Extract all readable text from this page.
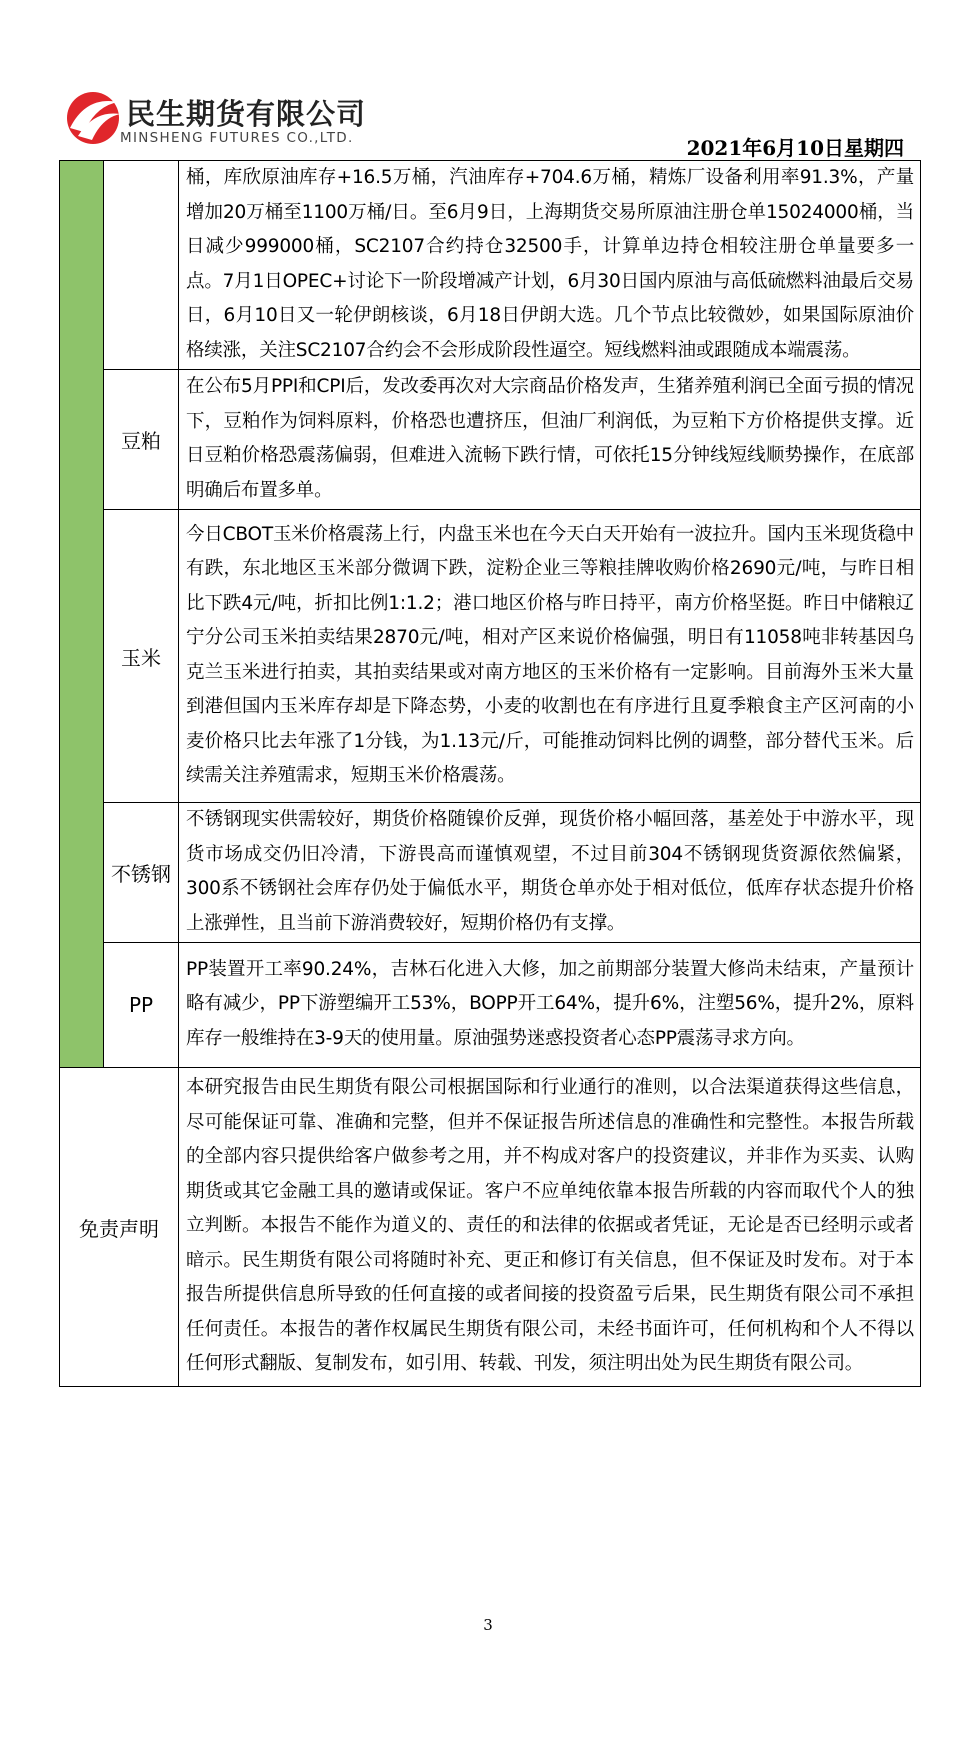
民生期货有限公司
MINSHENG FUTURES CO.,LTD.	2021年6月10日星期四
		桶，库欣原油库存+16.5万桶，汽油库存+704.6万桶，精炼厂设备利用率91.3%，产量增加20万桶至1100万桶/日。至6月9日，上海期货交易所原油注册仓单15024000桶，当日减少999000桶，SC2107合约持仓32500手，计算单边持仓相较注册仓单量要多一点。7月1日OPEC+讨论下一阶段增减产计划，6月30日国内原油与高低硫燃料油最后交易日，6月10日又一轮伊朗核谈，6月18日伊朗大选。几个节点比较微妙，如果国际原油价格续涨，关注SC2107合约会不会形成阶段性逼空。短线燃料油或跟随成本端震荡。
	豆粕	在公布5月PPI和CPI后，发改委再次对大宗商品价格发声，生猪养殖利润已全面亏损的情况下，豆粕作为饲料原料，价格恐也遭挤压，但油厂利润低，为豆粕下方价格提供支撑。近日豆粕价格恐震荡偏弱，但难进入流畅下跌行情，可依托15分钟线短线顺势操作，在底部明确后布置多单。
	玉米	今日CBOT玉米价格震荡上行，内盘玉米也在今天白天开始有一波拉升。国内玉米现货稳中有跌，东北地区玉米部分微调下跌，淀粉企业三等粮挂牌收购价格2690元/吨，与昨日相比下跌4元/吨，折扣比例1:1.2；港口地区价格与昨日持平，南方价格坚挺。昨日中储粮辽宁分公司玉米拍卖结果2870元/吨，相对产区来说价格偏强，明日有11058吨非转基因乌克兰玉米进行拍卖，其拍卖结果或对南方地区的玉米价格有一定影响。目前海外玉米大量到港但国内玉米库存却是下降态势，小麦的收割也在有序进行且夏季粮食主产区河南的小麦价格只比去年涨了1分钱，为1.13元/斤，可能推动饲料比例的调整，部分替代玉米。后续需关注养殖需求，短期玉米价格震荡。
	不锈钢	不锈钢现实供需较好，期货价格随镍价反弹，现货价格小幅回落，基差处于中游水平，现货市场成交仍旧冷清，下游畏高而谨慎观望，不过目前304不锈钢现货资源依然偏紧，300系不锈钢社会库存仍处于偏低水平，期货仓单亦处于相对低位，低库存状态提升价格上涨弹性，且当前下游消费较好，短期价格仍有支撑。
	PP	PP装置开工率90.24%，吉林石化进入大修，加之前期部分装置大修尚未结束，产量预计略有减少，PP下游塑编开工53%，BOPP开工64%，提升6%，注塑56%，提升2%，原料库存一般维持在3-9天的使用量。原油强势迷惑投资者心态PP震荡寻求方向。
免责声明		本研究报告由民生期货有限公司根据国际和行业通行的准则，以合法渠道获得这些信息，尽可能保证可靠、准确和完整，但并不保证报告所述信息的准确性和完整性。本报告所载的全部内容只提供给客户做参考之用，并不构成对客户的投资建议，并非作为买卖、认购期货或其它金融工具的邀请或保证。客户不应单纯依靠本报告所载的内容而取代个人的独立判断。本报告不能作为道义的、责任的和法律的依据或者凭证，无论是否已经明示或者暗示。民生期货有限公司将随时补充、更正和修订有关信息，但不保证及时发布。对于本报告所提供信息所导致的任何直接的或者间接的投资盈亏后果，民生期货有限公司不承担任何责任。本报告的著作权属民生期货有限公司，未经书面许可，任何机构和个人不得以任何形式翻版、复制发布，如引用、转载、刊发，须注明出处为民生期货有限公司。
3
